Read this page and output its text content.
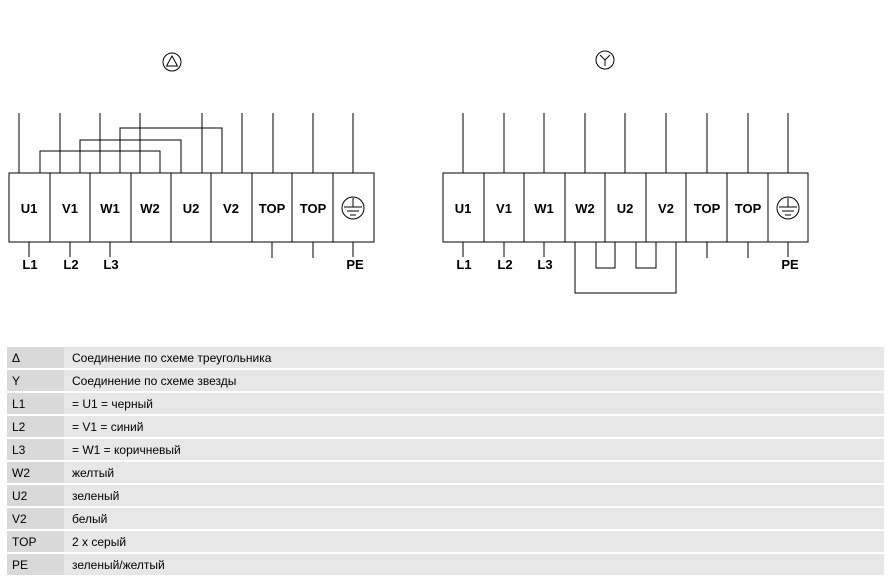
U1 V1 W1 W2 U2 V2 TOP TOP
L1 L2 L3	PE
U1 V1 W1 W2 U2 V2 TOP TOP
L1 L2 L3	PE
Δ	Соединение по схеме треугольника
Y	Соединение по схеме звезды
L1	= U1 = черный
L2	= V1 = синий
L3	= W1 = коричневый
W2	желтый
U2	зеленый
V2	белый
TOP	2 x серый
PE	зеленый/желтый
